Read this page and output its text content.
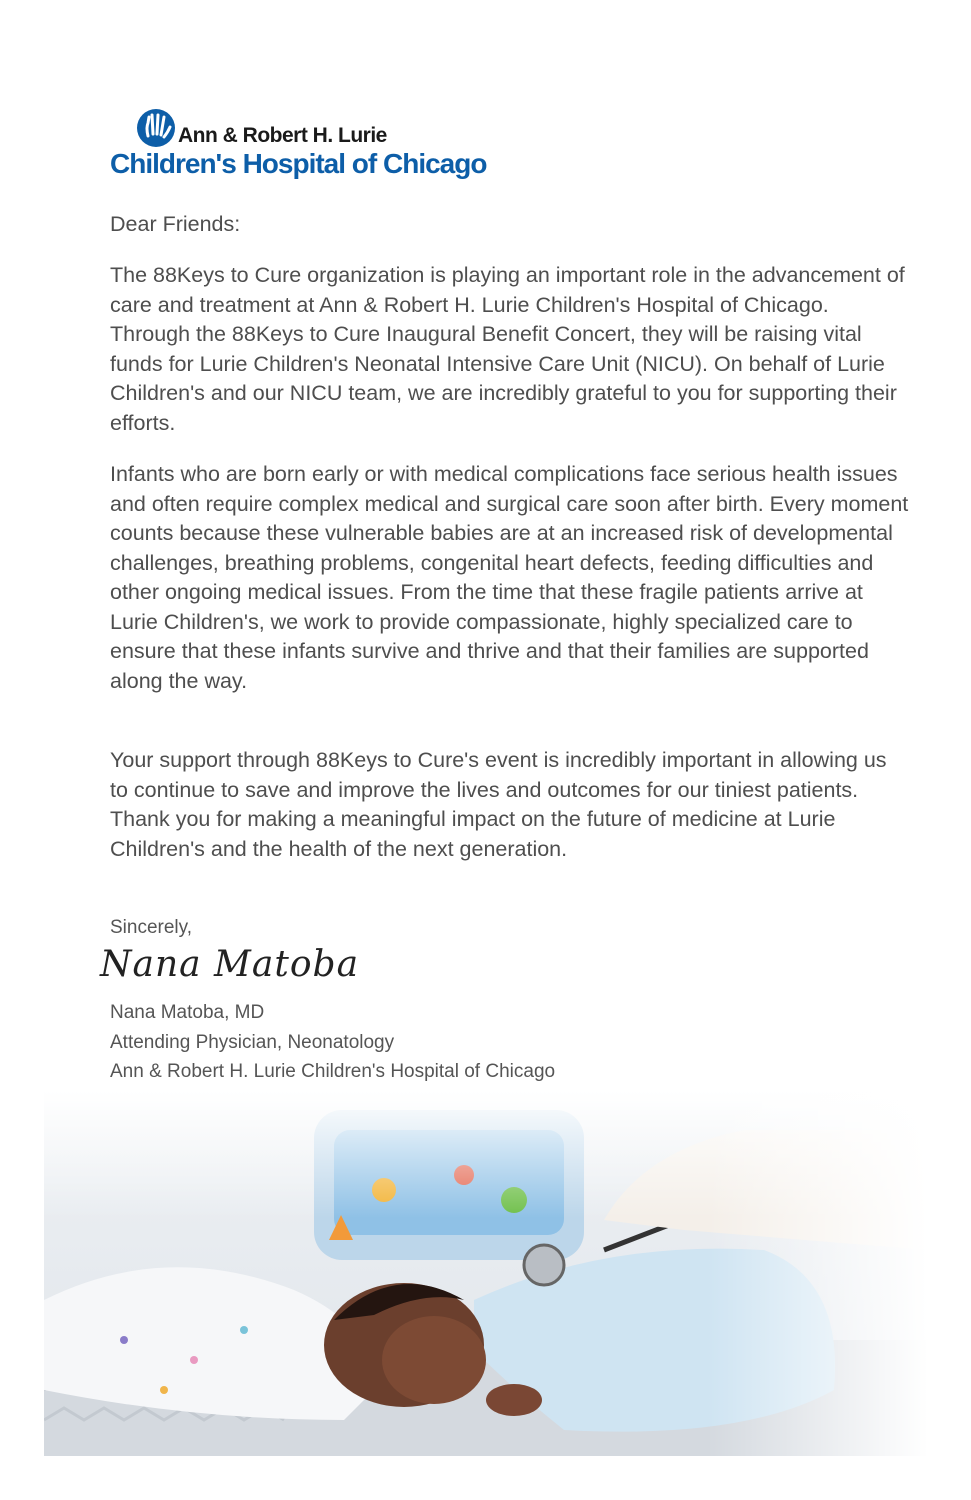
Ann & Robert H. Lurie
Children's Hospital of Chicago

Dear Friends:

The 88Keys to Cure organization is playing an important role in the advancement of care and treatment at Ann & Robert H. Lurie Children's Hospital of Chicago. Through the 88Keys to Cure Inaugural Benefit Concert, they will be raising vital funds for Lurie Children's Neonatal Intensive Care Unit (NICU). On behalf of Lurie Children's and our NICU team, we are incredibly grateful to you for supporting their efforts.

Infants who are born early or with medical complications face serious health issues and often require complex medical and surgical care soon after birth. Every moment counts because these vulnerable babies are at an increased risk of developmental challenges, breathing problems, congenital heart defects, feeding difficulties and other ongoing medical issues. From the time that these fragile patients arrive at Lurie Children's, we work to provide compassionate, highly specialized care to ensure that these infants survive and thrive and that their families are supported along the way.

Your support through 88Keys to Cure's event is incredibly important in allowing us to continue to save and improve the lives and outcomes for our tiniest patients. Thank you for making a meaningful impact on the future of medicine at Lurie Children's and the health of the next generation.

Sincerely,
Nana Matoba
Nana Matoba, MD
Attending Physician, Neonatology
Ann & Robert H. Lurie Children's Hospital of Chicago
